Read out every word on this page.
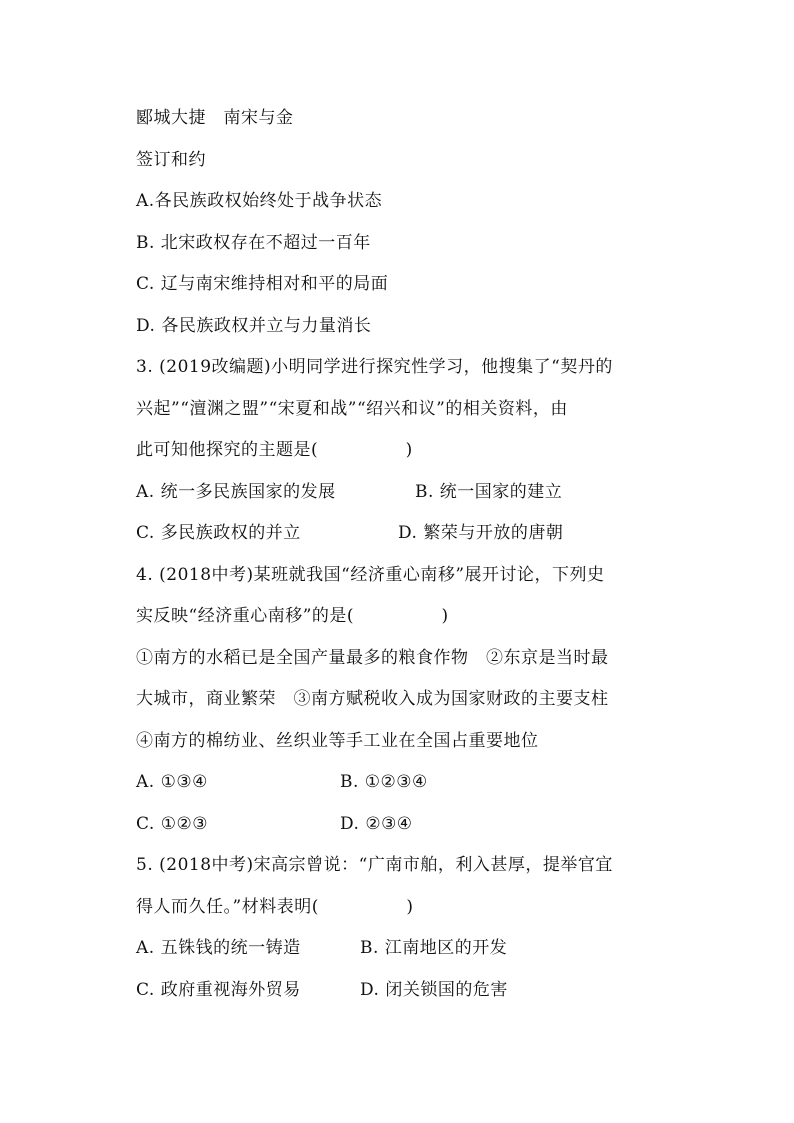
郾城大捷　南宋与金
签订和约
A.各民族政权始终处于战争状态
B. 北宋政权存在不超过一百年
C. 辽与南宋维持相对和平的局面
D. 各民族政权并立与力量消长
3. (2019改编题)小明同学进行探究性学习，他搜集了“契丹的
兴起”“澶渊之盟”“宋夏和战”“绍兴和议”的相关资料，由
此可知他探究的主题是(　　　　　)
A. 统一多民族国家的发展	B. 统一国家的建立
C. 多民族政权的并立	D. 繁荣与开放的唐朝
4. (2018中考)某班就我国“经济重心南移”展开讨论，下列史
实反映“经济重心南移”的是(　　　　　)
①南方的水稻已是全国产量最多的粮食作物　②东京是当时最
大城市，商业繁荣　③南方赋税收入成为国家财政的主要支柱
④南方的棉纺业、丝织业等手工业在全国占重要地位
A. ①③④	B. ①②③④
C. ①②③	D. ②③④
5. (2018中考)宋高宗曾说：“广南市舶，利入甚厚，提举官宜
得人而久任。”材料表明(　　　　　)
A. 五铢钱的统一铸造	B. 江南地区的开发
C. 政府重视海外贸易	D. 闭关锁国的危害
